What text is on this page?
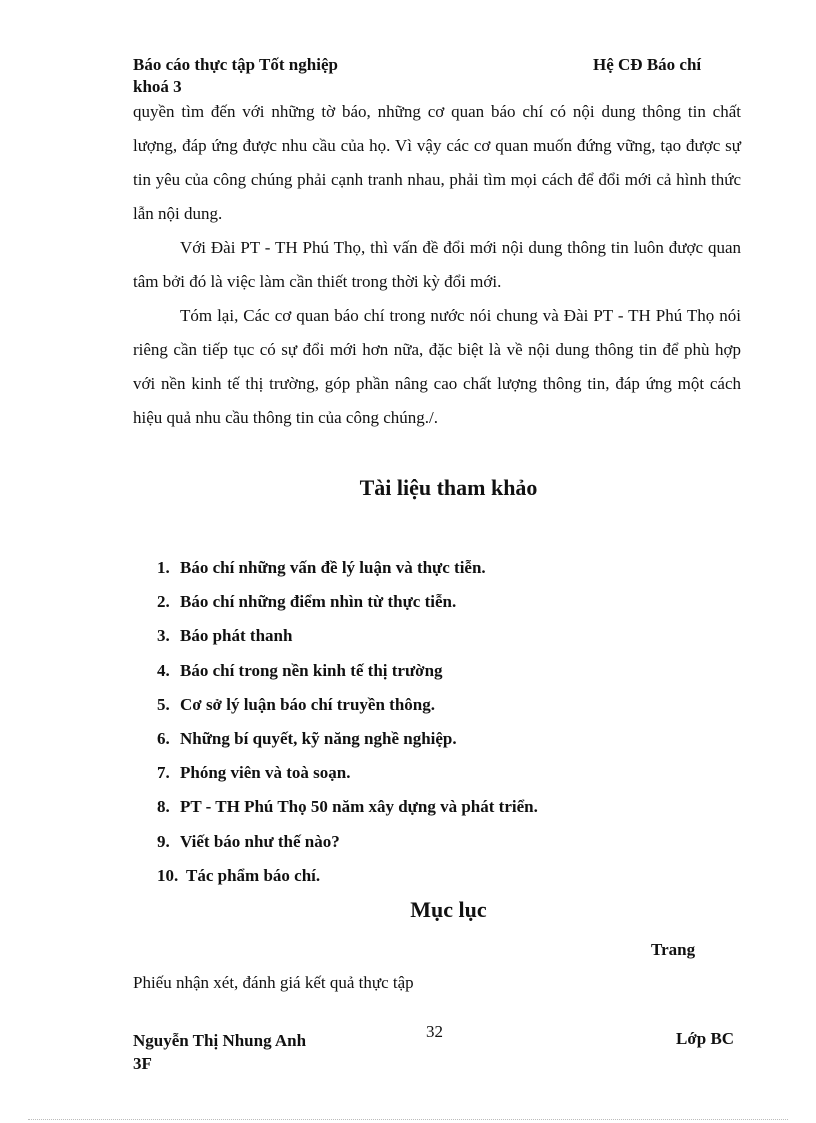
Báo cáo thực tập Tốt nghiệp	Hệ CĐ Báo chí
khoá 3

quyền tìm đến với những tờ báo, những cơ quan báo chí có nội dung thông tin chất lượng, đáp ứng được nhu cầu của họ. Vì vậy các cơ quan muốn đứng vững, tạo được sự tin yêu của công chúng phải cạnh tranh nhau, phải tìm mọi cách để đổi mới cả hình thức lẫn nội dung.

Với Đài PT - TH Phú Thọ, thì vấn đề đổi mới nội dung thông tin luôn được quan tâm bởi đó là việc làm cần thiết trong thời kỳ đổi mới.

Tóm lại, Các cơ quan báo chí trong nước nói chung và Đài PT - TH Phú Thọ nói riêng cần tiếp tục có sự đổi mới hơn nữa, đặc biệt là về nội dung thông tin để phù hợp với nền kinh tế thị trường, góp phần nâng cao chất lượng thông tin, đáp ứng một cách hiệu quả nhu cầu thông tin của công chúng./.

Tài liệu tham khảo
1. Báo chí những vấn đề lý luận và thực tiễn.
2. Báo chí những điểm nhìn từ thực tiễn.
3. Báo phát thanh
4. Báo chí trong nền kinh tế thị trường
5. Cơ sở lý luận báo chí truyền thông.
6. Những bí quyết, kỹ năng nghề nghiệp.
7. Phóng viên và toà soạn.
8. PT - TH Phú Thọ 50 năm xây dựng và phát triển.
9. Viết báo như thế nào?
10. Tác phẩm báo chí.
Mục lục
Trang
Phiếu nhận xét, đánh giá kết quả thực tập
Nguyễn Thị Nhung Anh
3F
32	Lớp BC
